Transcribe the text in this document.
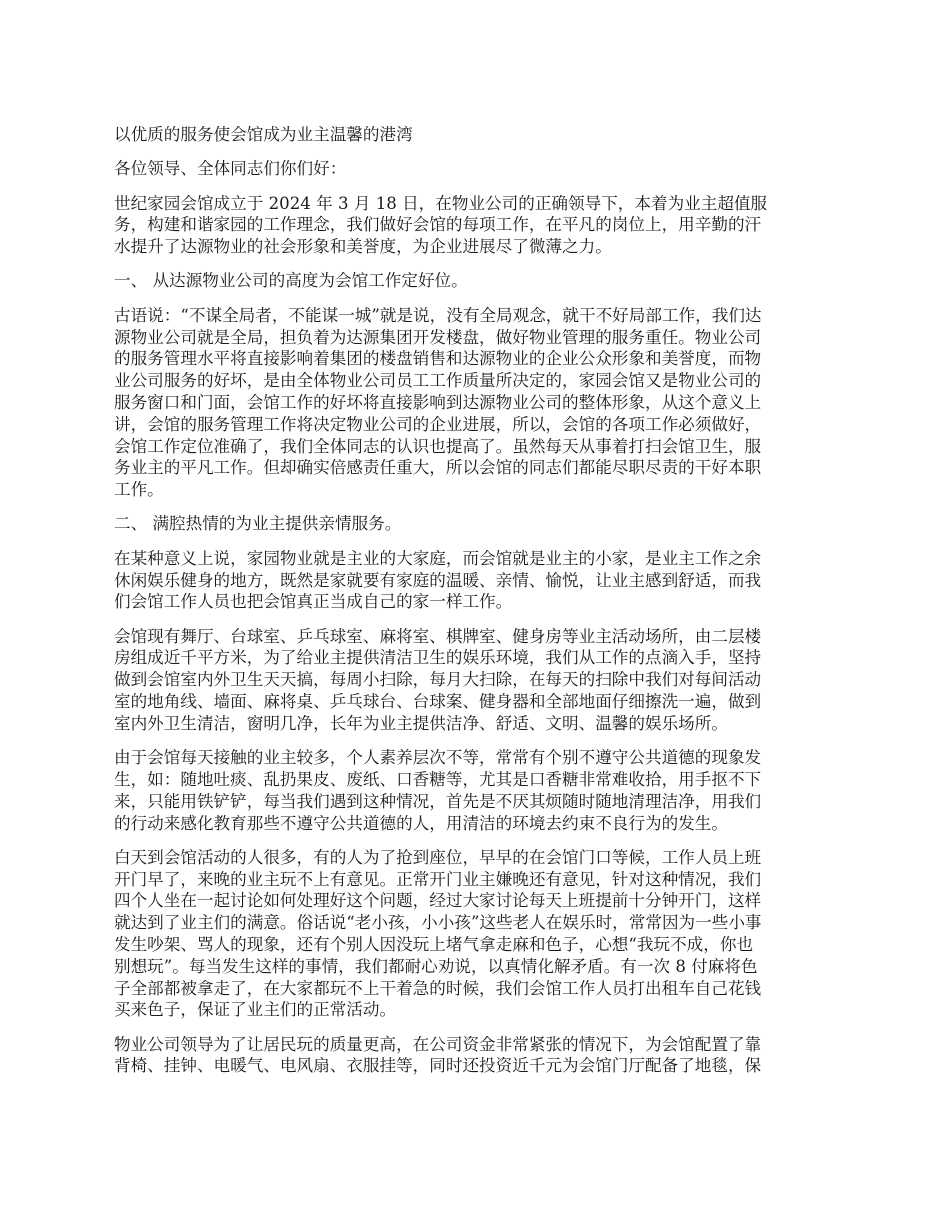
以优质的服务使会馆成为业主温馨的港湾

各位领导、全体同志们你们好：

世纪家园会馆成立于 2024 年 3 月 18 日，在物业公司的正确领导下，本着为业主超值服
务，构建和谐家园的工作理念，我们做好会馆的每项工作，在平凡的岗位上，用辛勤的汗
水提升了达源物业的社会形象和美誉度，为企业进展尽了微薄之力。

一、 从达源物业公司的高度为会馆工作定好位。

古语说：“不谋全局者，不能谋一城”就是说，没有全局观念，就干不好局部工作，我们达
源物业公司就是全局，担负着为达源集团开发楼盘，做好物业管理的服务重任。物业公司
的服务管理水平将直接影响着集团的楼盘销售和达源物业的企业公众形象和美誉度，而物
业公司服务的好坏，是由全体物业公司员工工作质量所决定的，家园会馆又是物业公司的
服务窗口和门面，会馆工作的好坏将直接影响到达源物业公司的整体形象，从这个意义上
讲，会馆的服务管理工作将决定物业公司的企业进展，所以，会馆的各项工作必须做好，
会馆工作定位准确了，我们全体同志的认识也提高了。虽然每天从事着打扫会馆卫生，服
务业主的平凡工作。但却确实倍感责任重大，所以会馆的同志们都能尽职尽责的干好本职
工作。

二、 满腔热情的为业主提供亲情服务。

在某种意义上说，家园物业就是主业的大家庭，而会馆就是业主的小家，是业主工作之余
休闲娱乐健身的地方，既然是家就要有家庭的温暖、亲情、愉悦，让业主感到舒适，而我
们会馆工作人员也把会馆真正当成自己的家一样工作。

会馆现有舞厅、台球室、乒乓球室、麻将室、棋牌室、健身房等业主活动场所，由二层楼
房组成近千平方米，为了给业主提供清洁卫生的娱乐环境，我们从工作的点滴入手，坚持
做到会馆室内外卫生天天搞，每周小扫除，每月大扫除，在每天的扫除中我们对每间活动
室的地角线、墙面、麻将桌、乒乓球台、台球案、健身器和全部地面仔细擦洗一遍，做到
室内外卫生清洁，窗明几净，长年为业主提供洁净、舒适、文明、温馨的娱乐场所。

由于会馆每天接触的业主较多，个人素养层次不等，常常有个别不遵守公共道德的现象发
生，如：随地吐痰、乱扔果皮、废纸、口香糖等，尤其是口香糖非常难收拾，用手抠不下
来，只能用铁铲铲，每当我们遇到这种情况，首先是不厌其烦随时随地清理洁净，用我们
的行动来感化教育那些不遵守公共道德的人，用清洁的环境去约束不良行为的发生。

白天到会馆活动的人很多，有的人为了抢到座位，早早的在会馆门口等候，工作人员上班
开门早了，来晚的业主玩不上有意见。正常开门业主嫌晚还有意见，针对这种情况，我们
四个人坐在一起讨论如何处理好这个问题，经过大家讨论每天上班提前十分钟开门，这样
就达到了业主们的满意。俗话说“老小孩，小小孩”这些老人在娱乐时，常常因为一些小事
发生吵架、骂人的现象，还有个别人因没玩上堵气拿走麻和色子，心想“我玩不成，你也
别想玩”。每当发生这样的事情，我们都耐心劝说，以真情化解矛盾。有一次 8 付麻将色
子全部都被拿走了，在大家都玩不上干着急的时候，我们会馆工作人员打出租车自己花钱
买来色子，保证了业主们的正常活动。

物业公司领导为了让居民玩的质量更高，在公司资金非常紧张的情况下，为会馆配置了靠
背椅、挂钟、电暖气、电风扇、衣服挂等，同时还投资近千元为会馆门厅配备了地毯，保
